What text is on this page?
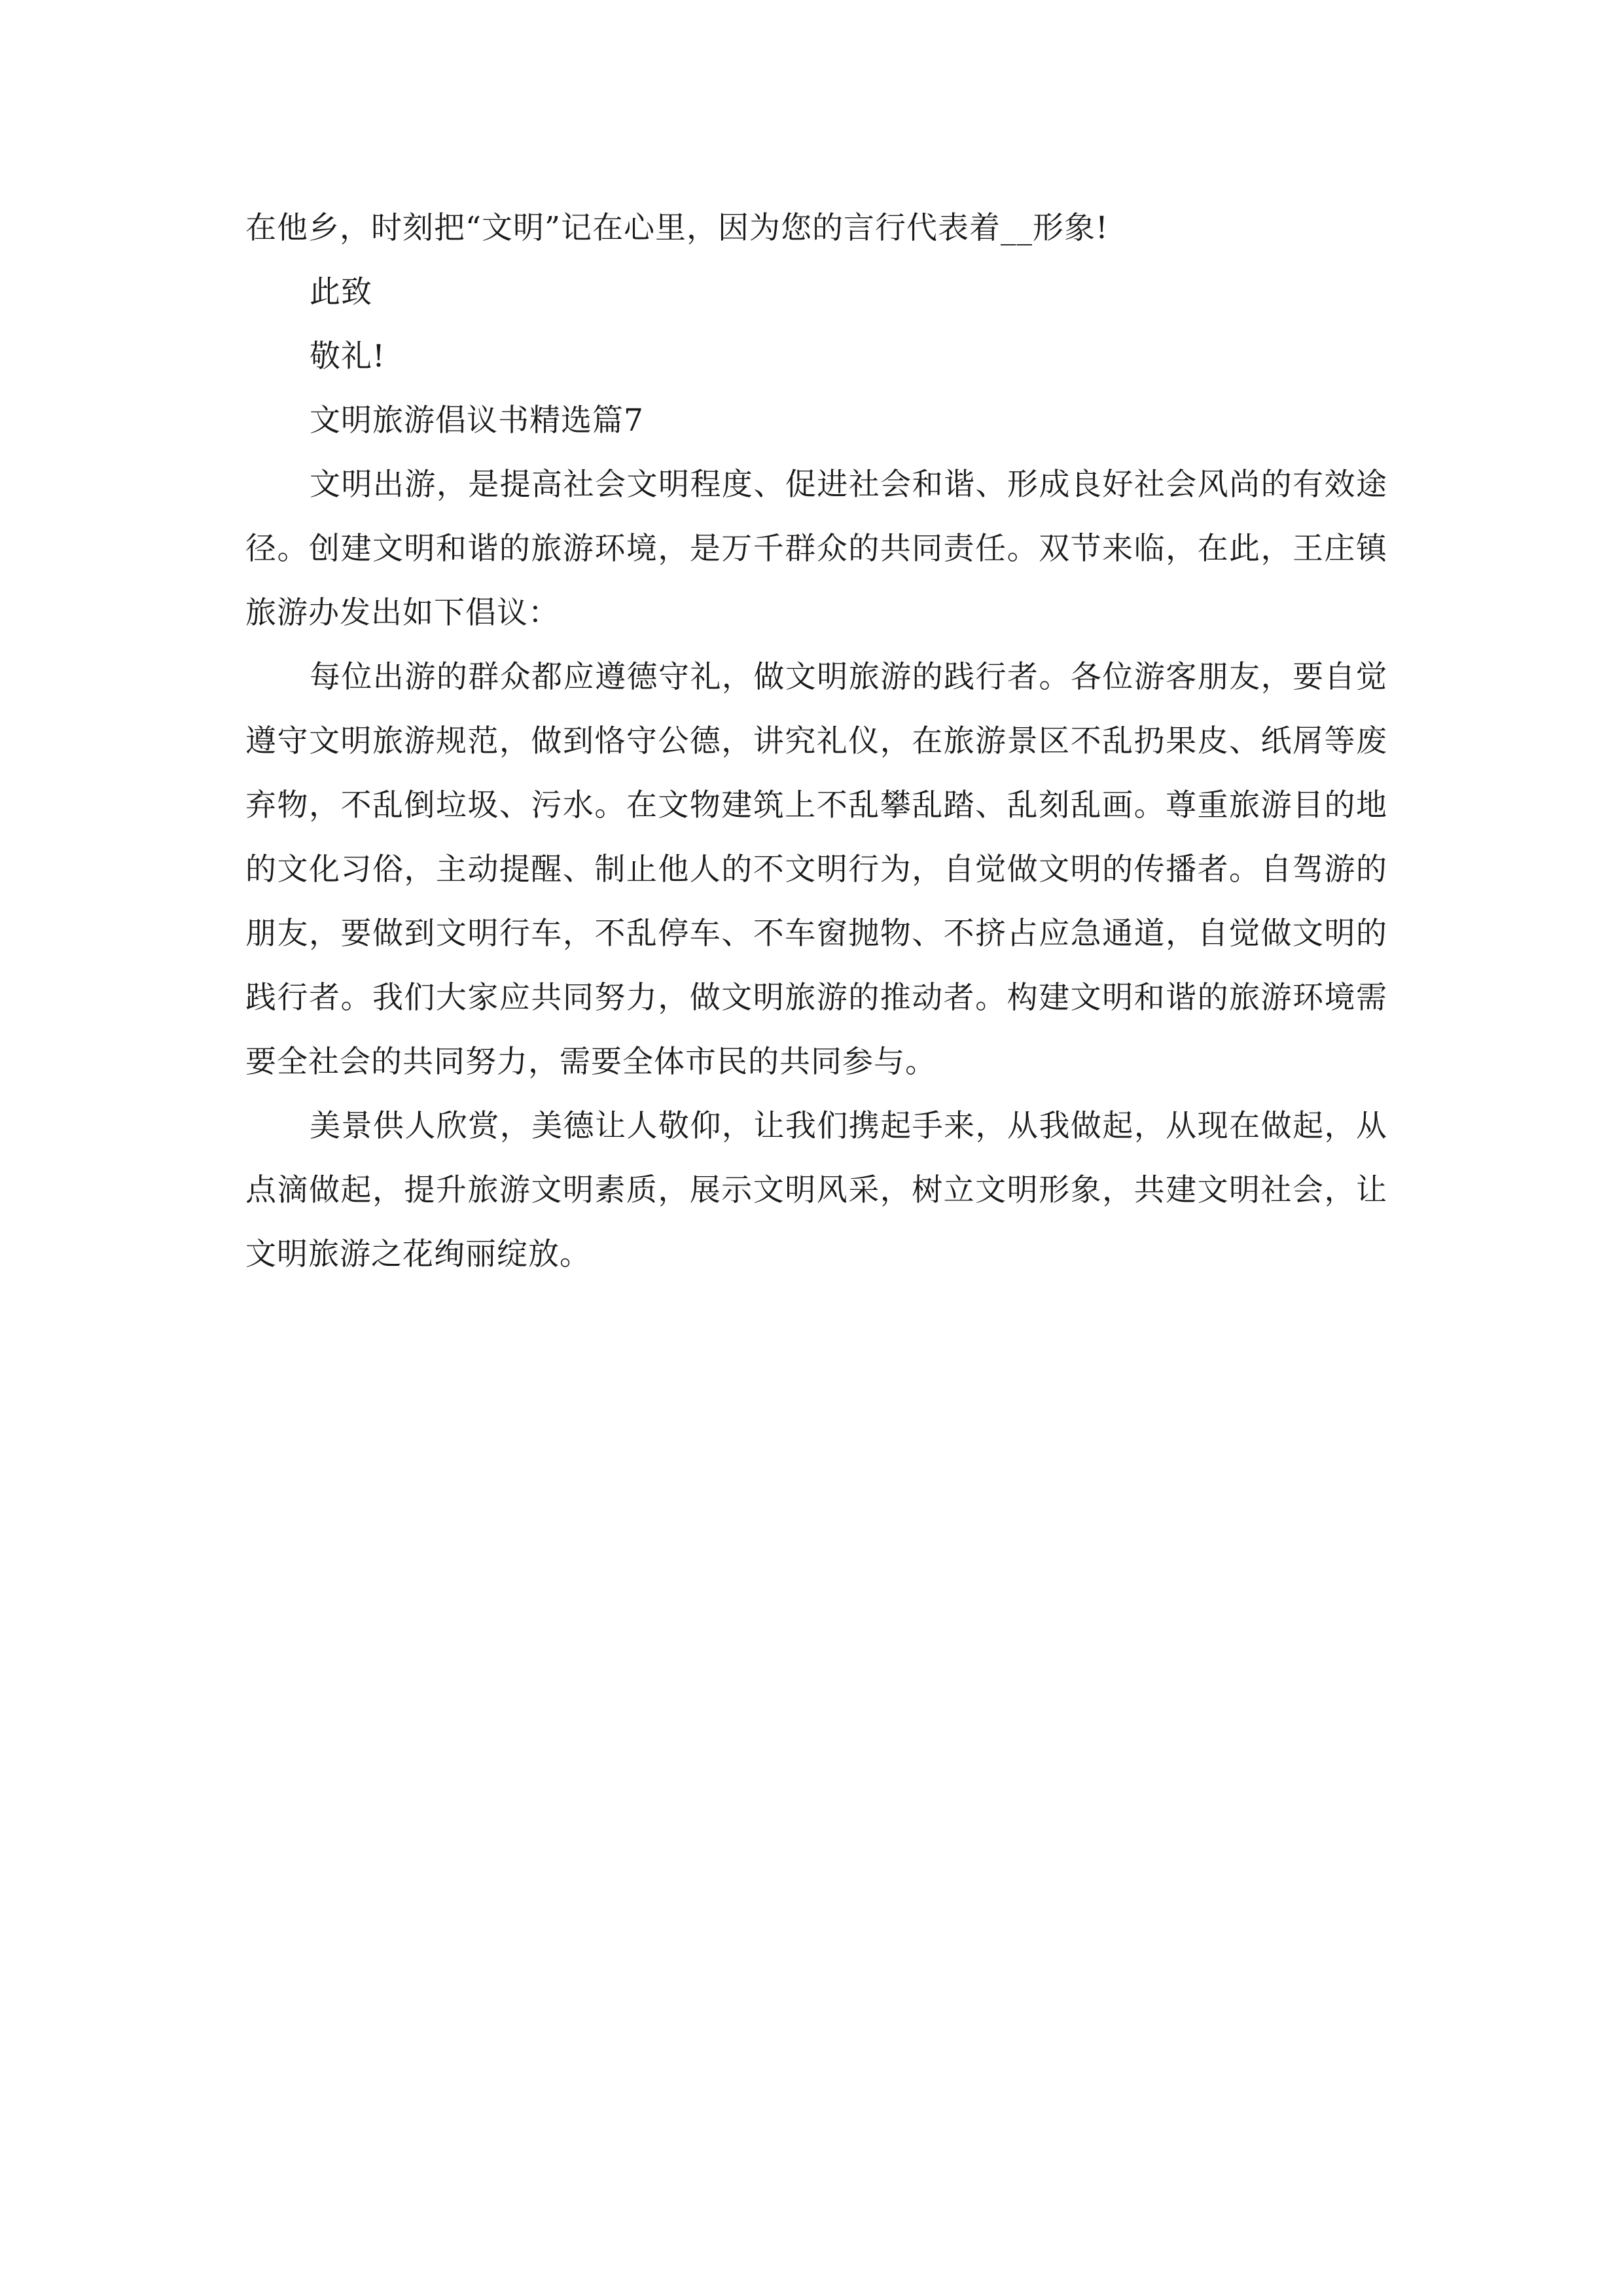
在他乡，时刻把“文明”记在心里，因为您的言行代表着__形象!

此致

敬礼!

文明旅游倡议书精选篇7

文明出游，是提高社会文明程度、促进社会和谐、形成良好社会风尚的有效途径。创建文明和谐的旅游环境，是万千群众的共同责任。双节来临，在此，王庄镇旅游办发出如下倡议：

每位出游的群众都应遵德守礼，做文明旅游的践行者。各位游客朋友，要自觉遵守文明旅游规范，做到恪守公德，讲究礼仪，在旅游景区不乱扔果皮、纸屑等废弃物，不乱倒垃圾、污水。在文物建筑上不乱攀乱踏、乱刻乱画。尊重旅游目的地的文化习俗，主动提醒、制止他人的不文明行为，自觉做文明的传播者。自驾游的朋友，要做到文明行车，不乱停车、不车窗抛物、不挤占应急通道，自觉做文明的践行者。我们大家应共同努力，做文明旅游的推动者。构建文明和谐的旅游环境需要全社会的共同努力，需要全体市民的共同参与。

美景供人欣赏，美德让人敬仰，让我们携起手来，从我做起，从现在做起，从点滴做起，提升旅游文明素质，展示文明风采，树立文明形象，共建文明社会，让文明旅游之花绚丽绽放。
